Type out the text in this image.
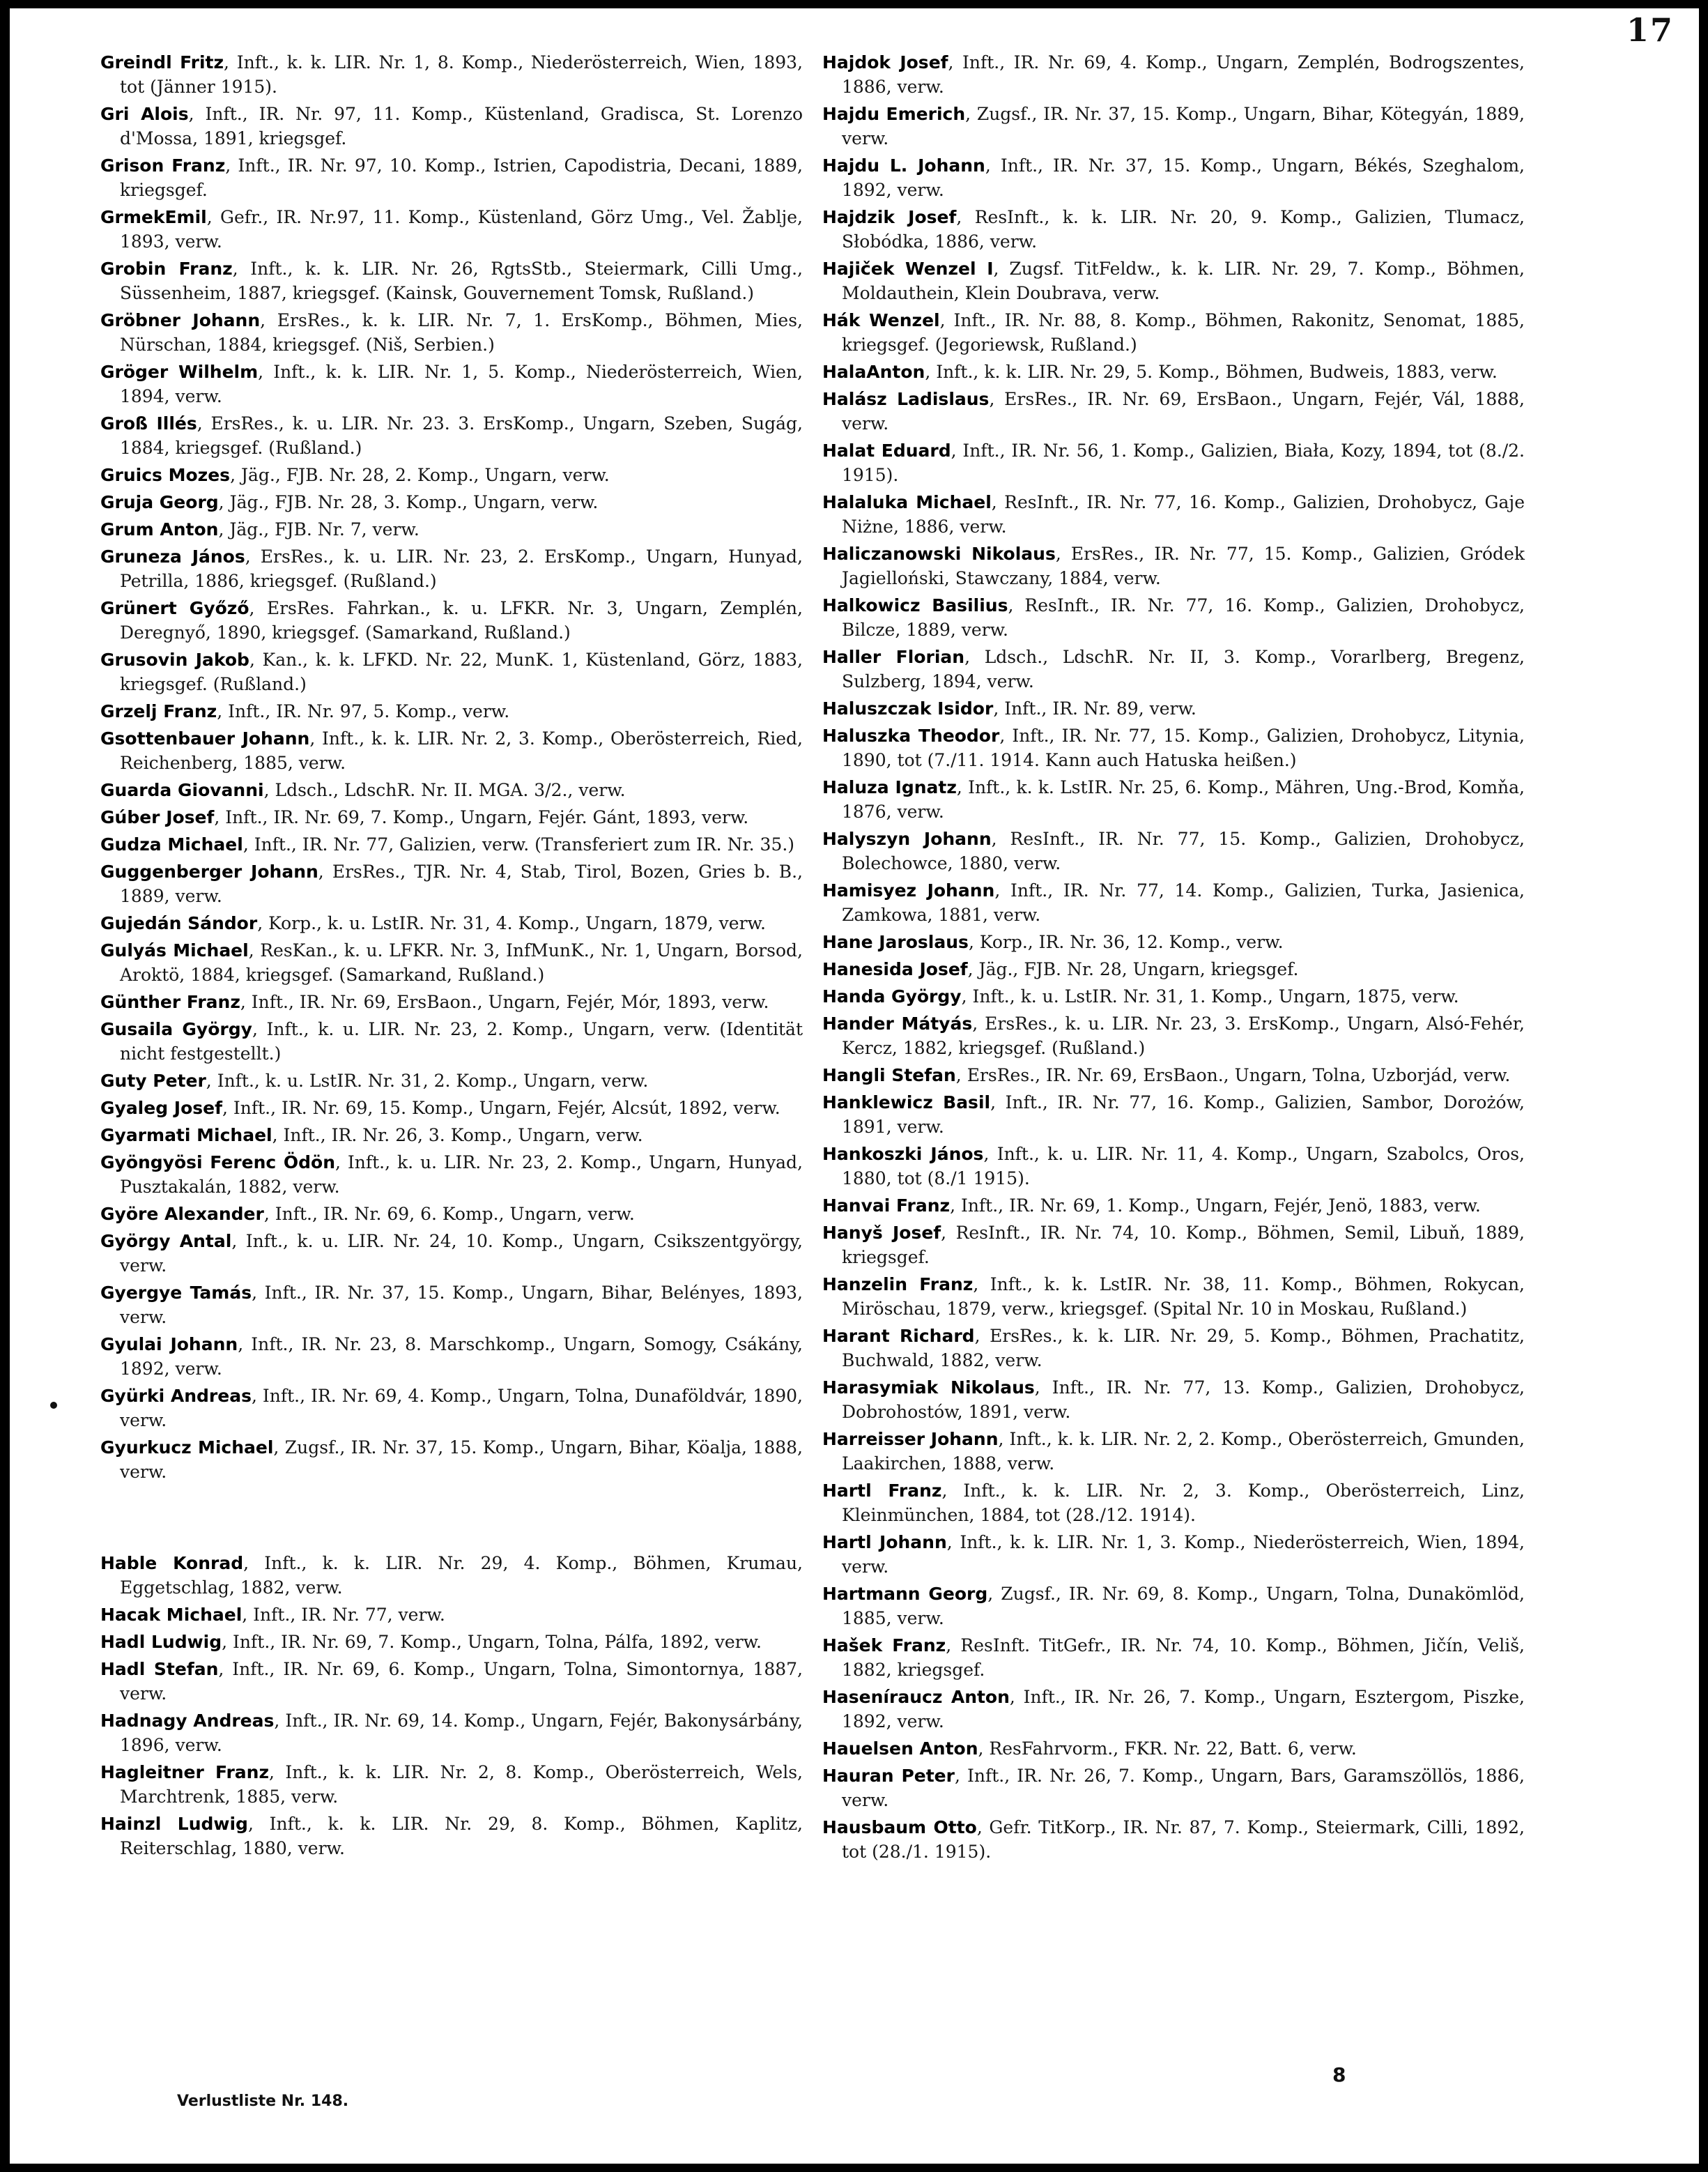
17

Greindl Fritz, Inft., k. k. LIR. Nr. 1, 8. Komp., Niederösterreich, Wien, 1893, tot (Jänner 1915).

Gri Alois, Inft., IR. Nr. 97, 11. Komp., Küstenland, Gradisca, St. Lorenzo d'Mossa, 1891, kriegsgef.

Grison Franz, Inft., IR. Nr. 97, 10. Komp., Istrien, Capodistria, Decani, 1889, kriegsgef.

GrmekEmil, Gefr., IR. Nr.97, 11. Komp., Küstenland, Görz Umg., Vel. Žablje, 1893, verw.

Grobin Franz, Inft., k. k. LIR. Nr. 26, RgtsStb., Steiermark, Cilli Umg., Süssenheim, 1887, kriegsgef. (Kainsk, Gouvernement Tomsk, Rußland.)

Gröbner Johann, ErsRes., k. k. LIR. Nr. 7, 1. ErsKomp., Böhmen, Mies, Nürschan, 1884, kriegsgef. (Niš, Serbien.)

Gröger Wilhelm, Inft., k. k. LIR. Nr. 1, 5. Komp., Niederösterreich, Wien, 1894, verw.

Groß Illés, ErsRes., k. u. LIR. Nr. 23. 3. ErsKomp., Ungarn, Szeben, Sugág, 1884, kriegsgef. (Rußland.)

Gruics Mozes, Jäg., FJB. Nr. 28, 2. Komp., Ungarn, verw.

Gruja Georg, Jäg., FJB. Nr. 28, 3. Komp., Ungarn, verw.

Grum Anton, Jäg., FJB. Nr. 7, verw.

Gruneza János, ErsRes., k. u. LIR. Nr. 23, 2. ErsKomp., Ungarn, Hunyad, Petrilla, 1886, kriegsgef. (Rußland.)

Grünert Győző, ErsRes. Fahrkan., k. u. LFKR. Nr. 3, Ungarn, Zemplén, Deregnyő, 1890, kriegsgef. (Samarkand, Rußland.)

Grusovin Jakob, Kan., k. k. LFKD. Nr. 22, MunK. 1, Küstenland, Görz, 1883, kriegsgef. (Rußland.)

Grzelj Franz, Inft., IR. Nr. 97, 5. Komp., verw.

Gsottenbauer Johann, Inft., k. k. LIR. Nr. 2, 3. Komp., Oberösterreich, Ried, Reichenberg, 1885, verw.

Guarda Giovanni, Ldsch., LdschR. Nr. II. MGA. 3/2., verw.

Gúber Josef, Inft., IR. Nr. 69, 7. Komp., Ungarn, Fejér. Gánt, 1893, verw.

Gudza Michael, Inft., IR. Nr. 77, Galizien, verw. (Transferiert zum IR. Nr. 35.)

Guggenberger Johann, ErsRes., TJR. Nr. 4, Stab, Tirol, Bozen, Gries b. B., 1889, verw.

Gujedán Sándor, Korp., k. u. LstIR. Nr. 31, 4. Komp., Ungarn, 1879, verw.

Gulyás Michael, ResKan., k. u. LFKR. Nr. 3, InfMunK., Nr. 1, Ungarn, Borsod, Aroktö, 1884, kriegsgef. (Samarkand, Rußland.)

Günther Franz, Inft., IR. Nr. 69, ErsBaon., Ungarn, Fejér, Mór, 1893, verw.

Gusaila György, Inft., k. u. LIR. Nr. 23, 2. Komp., Ungarn, verw. (Identität nicht festgestellt.)

Guty Peter, Inft., k. u. LstIR. Nr. 31, 2. Komp., Ungarn, verw.

Gyaleg Josef, Inft., IR. Nr. 69, 15. Komp., Ungarn, Fejér, Alcsút, 1892, verw.

Gyarmati Michael, Inft., IR. Nr. 26, 3. Komp., Ungarn, verw.

Gyöngyösi Ferenc Ödön, Inft., k. u. LIR. Nr. 23, 2. Komp., Ungarn, Hunyad, Pusztakalán, 1882, verw.

Györe Alexander, Inft., IR. Nr. 69, 6. Komp., Ungarn, verw.

György Antal, Inft., k. u. LIR. Nr. 24, 10. Komp., Ungarn, Csikszentgyörgy, verw.

Gyergye Tamás, Inft., IR. Nr. 37, 15. Komp., Ungarn, Bihar, Belényes, 1893, verw.

Gyulai Johann, Inft., IR. Nr. 23, 8. Marschkomp., Ungarn, Somogy, Csákány, 1892, verw.

Gyürki Andreas, Inft., IR. Nr. 69, 4. Komp., Ungarn, Tolna, Dunaföldvár, 1890, verw.

Gyurkucz Michael, Zugsf., IR. Nr. 37, 15. Komp., Ungarn, Bihar, Köalja, 1888, verw.

Hable Konrad, Inft., k. k. LIR. Nr. 29, 4. Komp., Böhmen, Krumau, Eggetschlag, 1882, verw.

Hacak Michael, Inft., IR. Nr. 77, verw.

Hadl Ludwig, Inft., IR. Nr. 69, 7. Komp., Ungarn, Tolna, Pálfa, 1892, verw.

Hadl Stefan, Inft., IR. Nr. 69, 6. Komp., Ungarn, Tolna, Simontornya, 1887, verw.

Hadnagy Andreas, Inft., IR. Nr. 69, 14. Komp., Ungarn, Fejér, Bakonysárbány, 1896, verw.

Hagleitner Franz, Inft., k. k. LIR. Nr. 2, 8. Komp., Oberösterreich, Wels, Marchtrenk, 1885, verw.

Hainzl Ludwig, Inft., k. k. LIR. Nr. 29, 8. Komp., Böhmen, Kaplitz, Reiterschlag, 1880, verw.

Hajdok Josef, Inft., IR. Nr. 69, 4. Komp., Ungarn, Zemplén, Bodrogszentes, 1886, verw.

Hajdu Emerich, Zugsf., IR. Nr. 37, 15. Komp., Ungarn, Bihar, Kötegyán, 1889, verw.

Hajdu L. Johann, Inft., IR. Nr. 37, 15. Komp., Ungarn, Békés, Szeghalom, 1892, verw.

Hajdzik Josef, ResInft., k. k. LIR. Nr. 20, 9. Komp., Galizien, Tlumacz, Słobódka, 1886, verw.

Hajiček Wenzel I, Zugsf. TitFeldw., k. k. LIR. Nr. 29, 7. Komp., Böhmen, Moldauthein, Klein Doubrava, verw.

Hák Wenzel, Inft., IR. Nr. 88, 8. Komp., Böhmen, Rakonitz, Senomat, 1885, kriegsgef. (Jegoriewsk, Rußland.)

HalaAnton, Inft., k. k. LIR. Nr. 29, 5. Komp., Böhmen, Budweis, 1883, verw.

Halász Ladislaus, ErsRes., IR. Nr. 69, ErsBaon., Ungarn, Fejér, Vál, 1888, verw.

Halat Eduard, Inft., IR. Nr. 56, 1. Komp., Galizien, Biała, Kozy, 1894, tot (8./2. 1915).

Halaluka Michael, ResInft., IR. Nr. 77, 16. Komp., Galizien, Drohobycz, Gaje Niżne, 1886, verw.

Haliczanowski Nikolaus, ErsRes., IR. Nr. 77, 15. Komp., Galizien, Gródek Jagielloński, Stawczany, 1884, verw.

Halkowicz Basilius, ResInft., IR. Nr. 77, 16. Komp., Galizien, Drohobycz, Bilcze, 1889, verw.

Haller Florian, Ldsch., LdschR. Nr. II, 3. Komp., Vorarlberg, Bregenz, Sulzberg, 1894, verw.

Haluszczak Isidor, Inft., IR. Nr. 89, verw.

Haluszka Theodor, Inft., IR. Nr. 77, 15. Komp., Galizien, Drohobycz, Litynia, 1890, tot (7./11. 1914. Kann auch Hatuska heißen.)

Haluza Ignatz, Inft., k. k. LstIR. Nr. 25, 6. Komp., Mähren, Ung.-Brod, Komňa, 1876, verw.

Halyszyn Johann, ResInft., IR. Nr. 77, 15. Komp., Galizien, Drohobycz, Bolechowce, 1880, verw.

Hamisyez Johann, Inft., IR. Nr. 77, 14. Komp., Galizien, Turka, Jasienica, Zamkowa, 1881, verw.

Hane Jaroslaus, Korp., IR. Nr. 36, 12. Komp., verw.

Hanesida Josef, Jäg., FJB. Nr. 28, Ungarn, kriegsgef.

Handa György, Inft., k. u. LstIR. Nr. 31, 1. Komp., Ungarn, 1875, verw.

Hander Mátyás, ErsRes., k. u. LIR. Nr. 23, 3. ErsKomp., Ungarn, Alsó-Fehér, Kercz, 1882, kriegsgef. (Rußland.)

Hangli Stefan, ErsRes., IR. Nr. 69, ErsBaon., Ungarn, Tolna, Uzborjád, verw.

Hanklewicz Basil, Inft., IR. Nr. 77, 16. Komp., Galizien, Sambor, Dorożów, 1891, verw.

Hankoszki János, Inft., k. u. LIR. Nr. 11, 4. Komp., Ungarn, Szabolcs, Oros, 1880, tot (8./1 1915).

Hanvai Franz, Inft., IR. Nr. 69, 1. Komp., Ungarn, Fejér, Jenö, 1883, verw.

Hanyš Josef, ResInft., IR. Nr. 74, 10. Komp., Böhmen, Semil, Libuň, 1889, kriegsgef.

Hanzelin Franz, Inft., k. k. LstIR. Nr. 38, 11. Komp., Böhmen, Rokycan, Miröschau, 1879, verw., kriegsgef. (Spital Nr. 10 in Moskau, Rußland.)

Harant Richard, ErsRes., k. k. LIR. Nr. 29, 5. Komp., Böhmen, Prachatitz, Buchwald, 1882, verw.

Harasymiak Nikolaus, Inft., IR. Nr. 77, 13. Komp., Galizien, Drohobycz, Dobrohostów, 1891, verw.

Harreisser Johann, Inft., k. k. LIR. Nr. 2, 2. Komp., Oberösterreich, Gmunden, Laakirchen, 1888, verw.

Hartl Franz, Inft., k. k. LIR. Nr. 2, 3. Komp., Oberösterreich, Linz, Kleinmünchen, 1884, tot (28./12. 1914).

Hartl Johann, Inft., k. k. LIR. Nr. 1, 3. Komp., Niederösterreich, Wien, 1894, verw.

Hartmann Georg, Zugsf., IR. Nr. 69, 8. Komp., Ungarn, Tolna, Dunakömlöd, 1885, verw.

Hašek Franz, ResInft. TitGefr., IR. Nr. 74, 10. Komp., Böhmen, Jičín, Veliš, 1882, kriegsgef.

Haseníraucz Anton, Inft., IR. Nr. 26, 7. Komp., Ungarn, Esztergom, Piszke, 1892, verw.

Hauelsen Anton, ResFahrvorm., FKR. Nr. 22, Batt. 6, verw.

Hauran Peter, Inft., IR. Nr. 26, 7. Komp., Ungarn, Bars, Garamszöllös, 1886, verw.

Hausbaum Otto, Gefr. TitKorp., IR. Nr. 87, 7. Komp., Steiermark, Cilli, 1892, tot (28./1. 1915).

Verlustliste Nr. 148.
8
